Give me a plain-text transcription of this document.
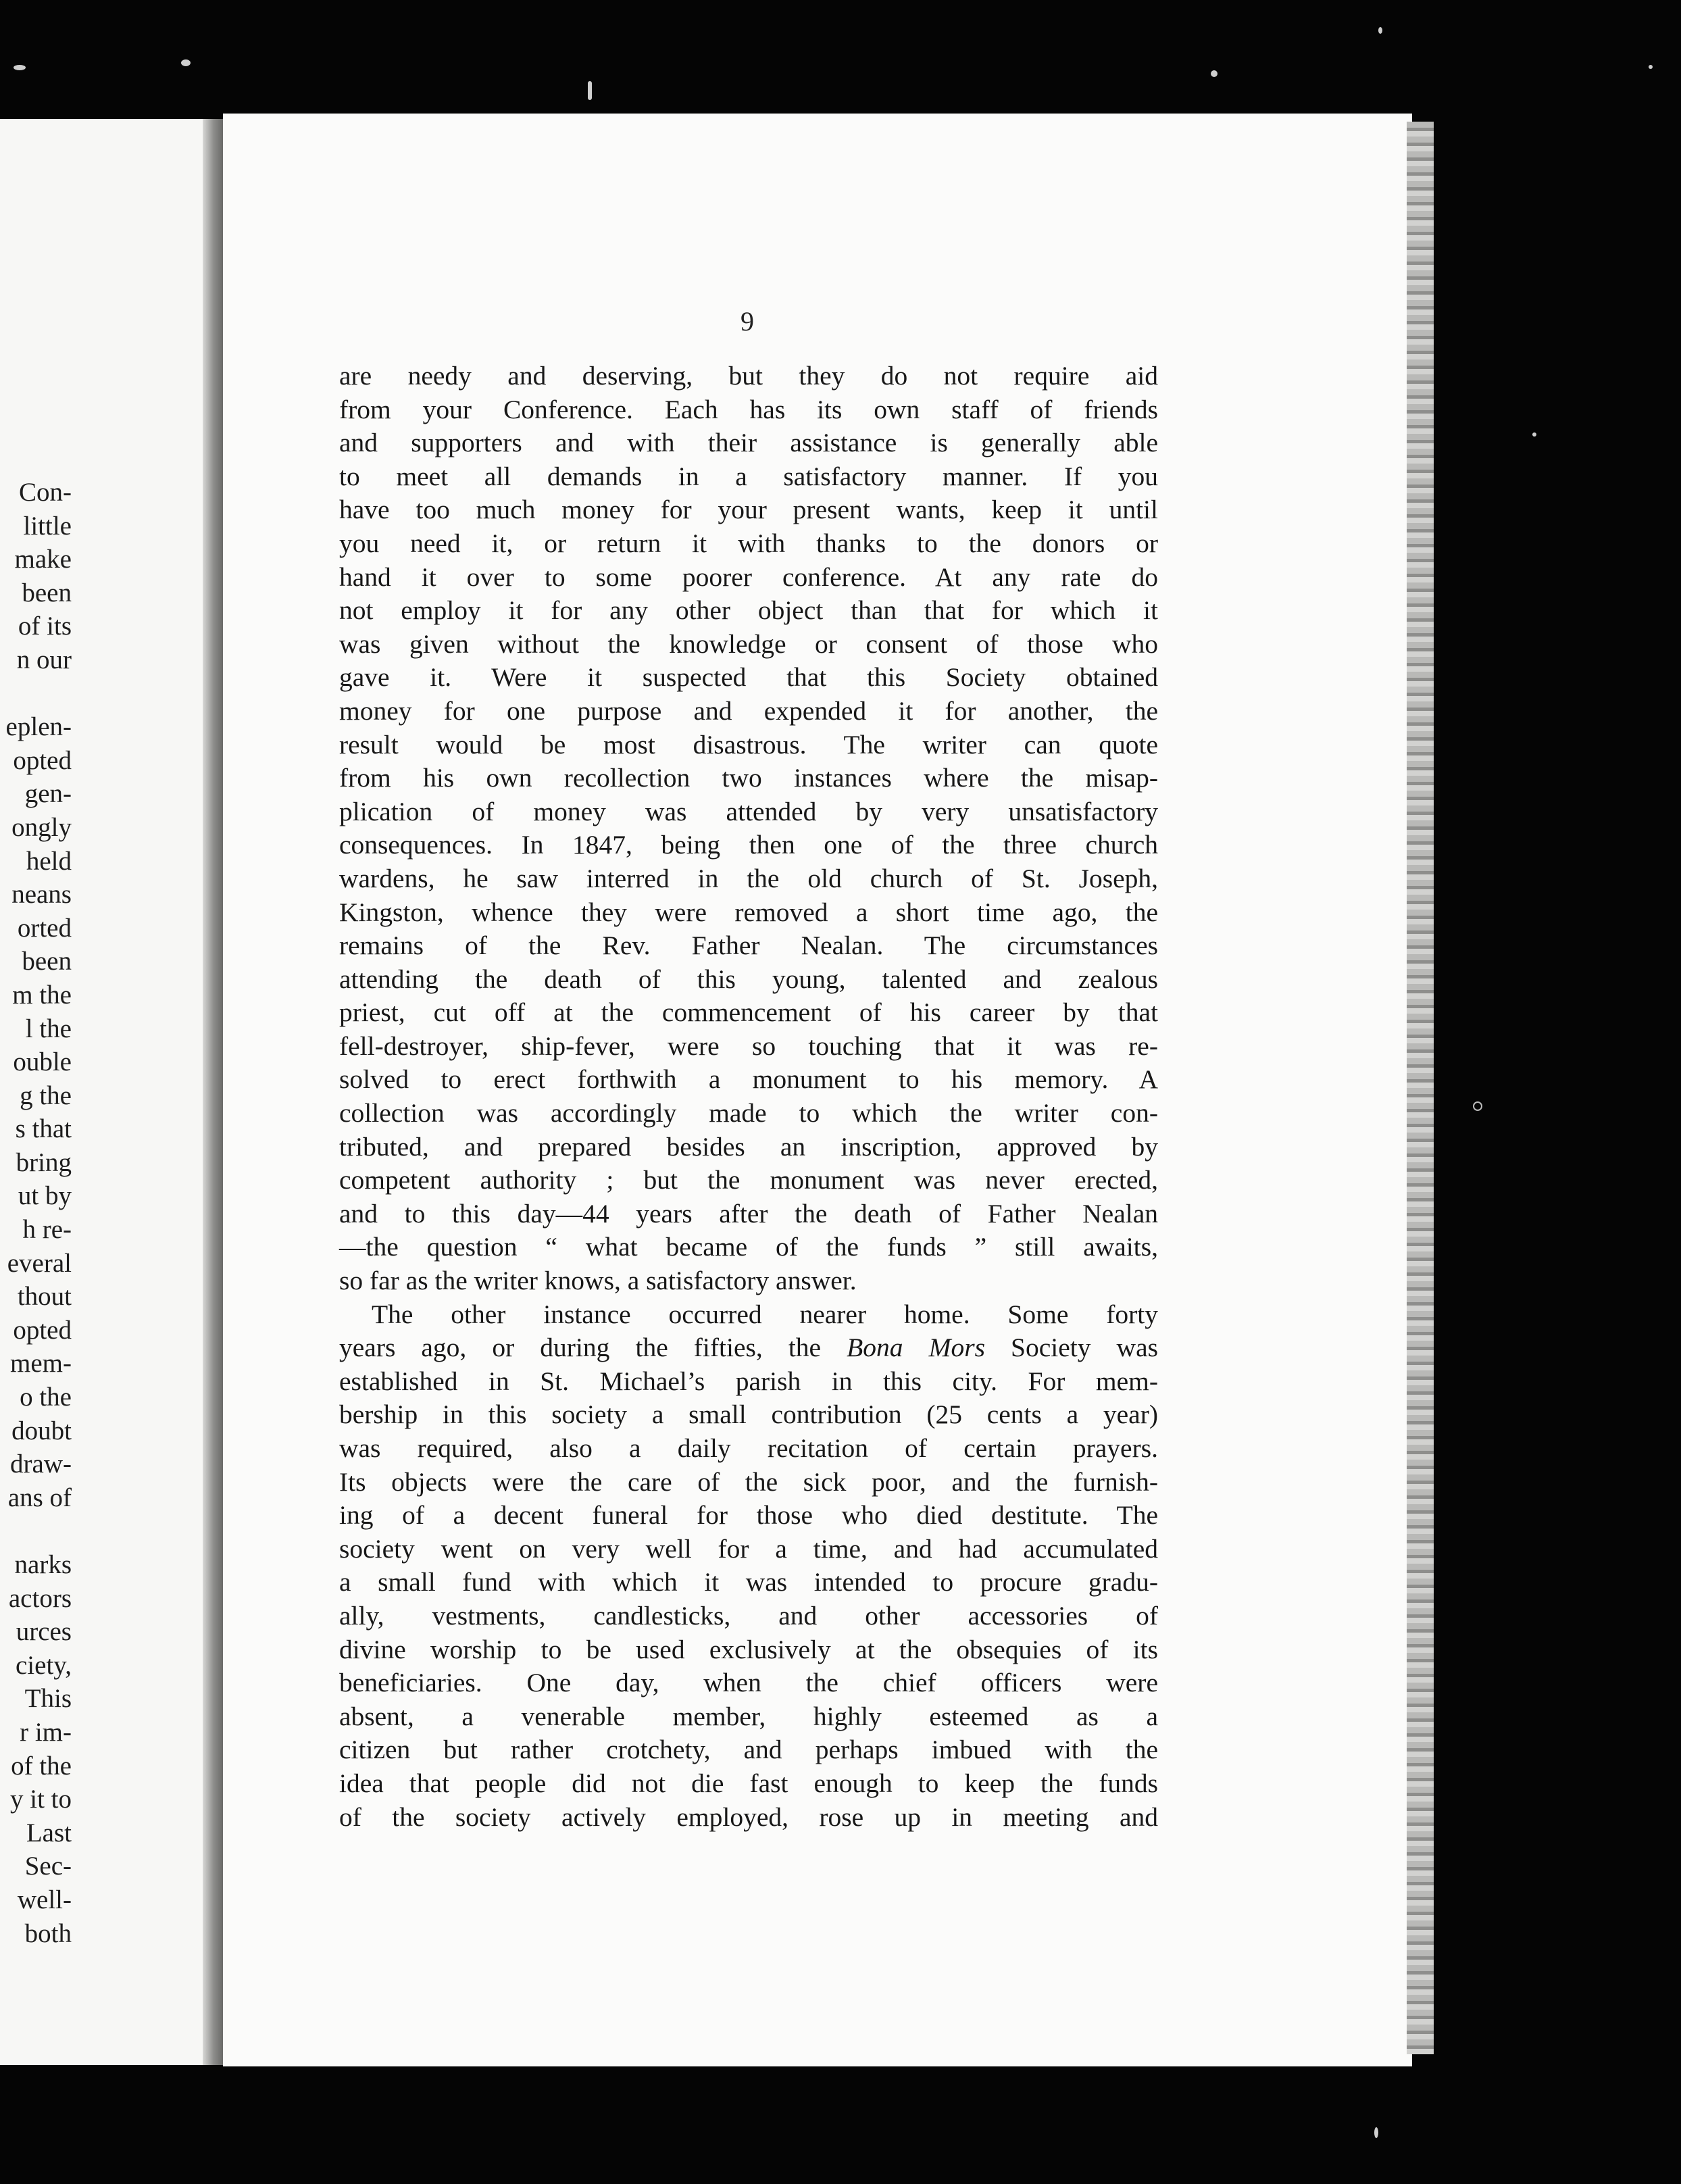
Con-
little
make
been
of its
n our
eplen-
opted
gen-
ongly
held
neans
orted
been
m the
l the
ouble
g the
s that
bring
ut by
h re-
everal
thout
opted
mem-
o the
doubt
draw-
ans of
narks
actors
urces
ciety,
This
r im-
of the
y it to
Last
Sec-
well-
both
9
are needy and deserving, but they do not require aid
from your Conference. Each has its own staff of friends
and supporters and with their assistance is generally able
to meet all demands in a satisfactory manner. If you
have too much money for your present wants, keep it until
you need it, or return it with thanks to the donors or
hand it over to some poorer conference. At any rate do
not employ it for any other object than that for which it
was given without the knowledge or consent of those who
gave it. Were it suspected that this Society obtained
money for one purpose and expended it for another, the
result would be most disastrous. The writer can quote
from his own recollection two instances where the misap-
plication of money was attended by very unsatisfactory
consequences. In 1847, being then one of the three church
wardens, he saw interred in the old church of St. Joseph,
Kingston, whence they were removed a short time ago, the
remains of the Rev. Father Nealan. The circumstances
attending the death of this young, talented and zealous
priest, cut off at the commencement of his career by that
fell-destroyer, ship-fever, were so touching that it was re-
solved to erect forthwith a monument to his memory. A
collection was accordingly made to which the writer con-
tributed, and prepared besides an inscription, approved by
competent authority ; but the monument was never erected,
and to this day—44 years after the death of Father Nealan
—the question “ what became of the funds ” still awaits,
so far as the writer knows, a satisfactory answer.
The other instance occurred nearer home. Some forty
years ago, or during the fifties, the Bona Mors Society was
established in St. Michael’s parish in this city. For mem-
bership in this society a small contribution (25 cents a year)
was required, also a daily recitation of certain prayers.
Its objects were the care of the sick poor, and the furnish-
ing of a decent funeral for those who died destitute. The
society went on very well for a time, and had accumulated
a small fund with which it was intended to procure gradu-
ally, vestments, candlesticks, and other accessories of
divine worship to be used exclusively at the obsequies of its
beneficiaries. One day, when the chief officers were
absent, a venerable member, highly esteemed as a
citizen but rather crotchety, and perhaps imbued with the
idea that people did not die fast enough to keep the funds
of the society actively employed, rose up in meeting and
